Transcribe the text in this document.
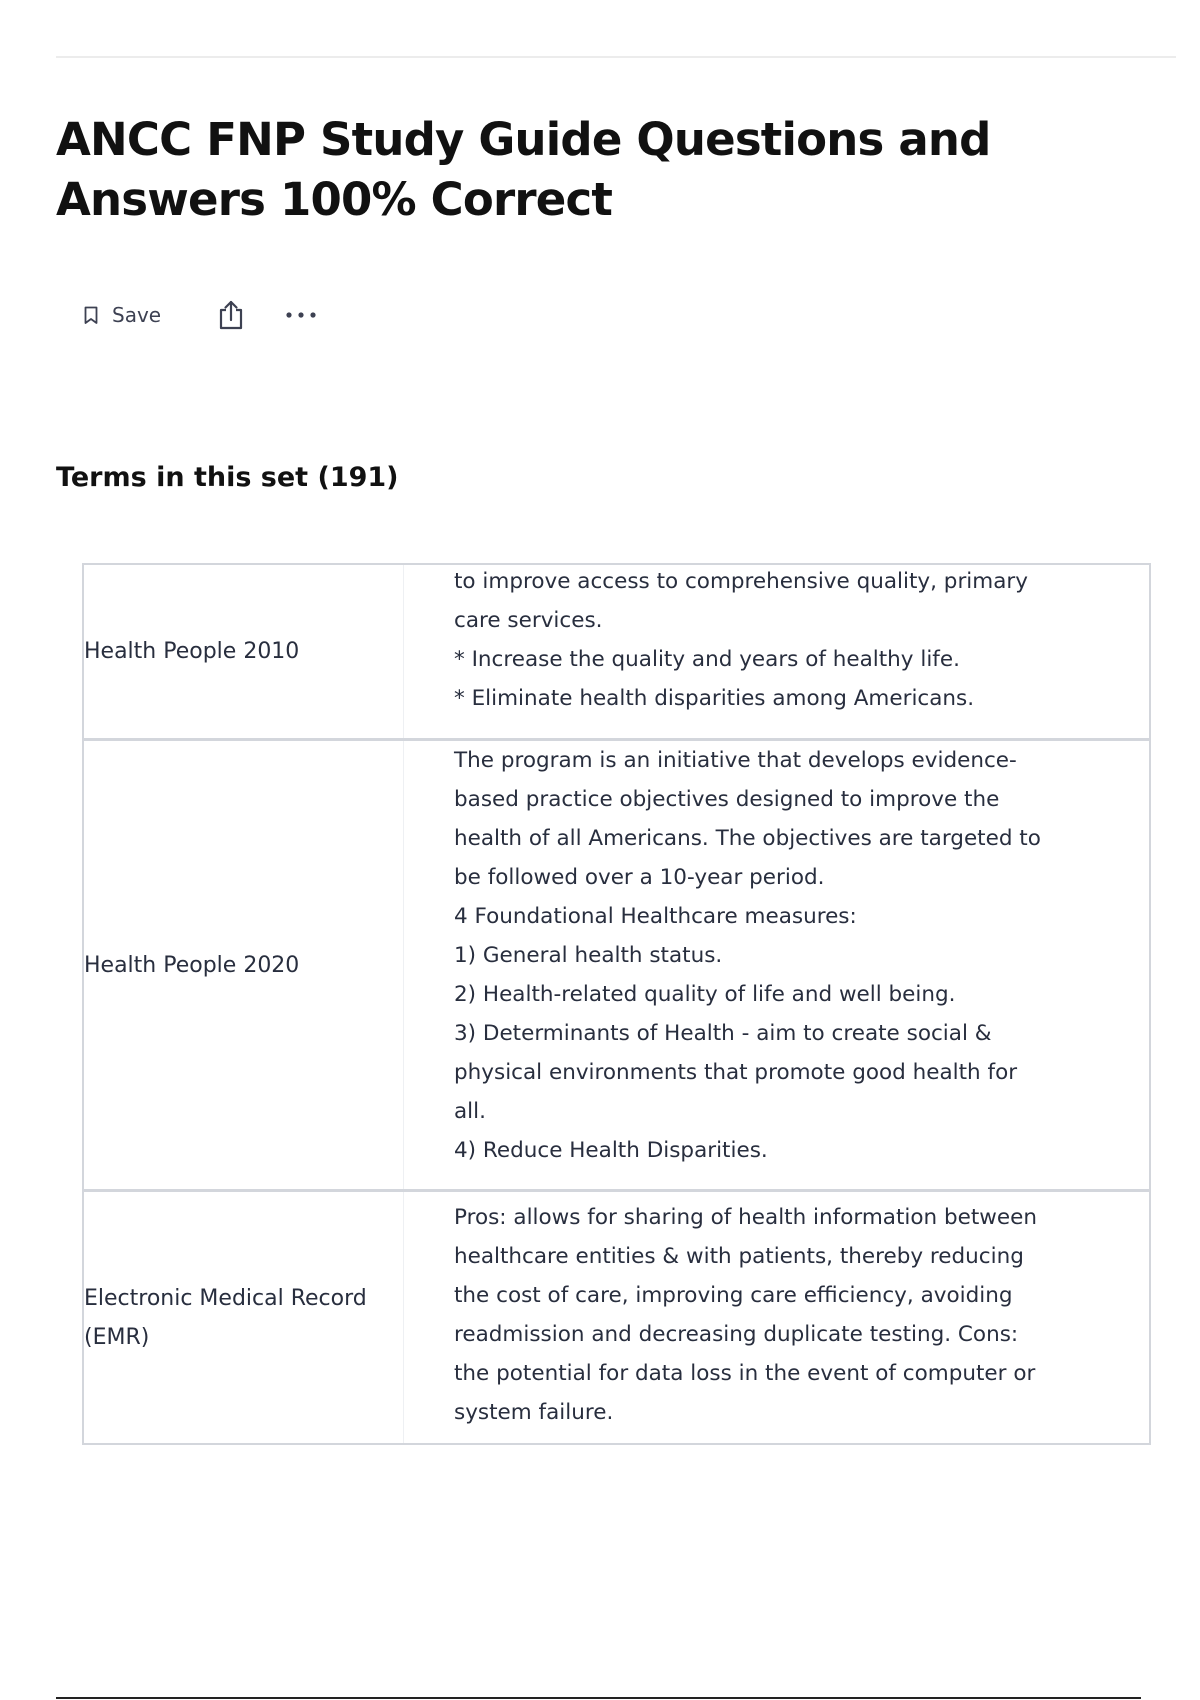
ANCC FNP Study Guide Questions and Answers 100% Correct
Save
Terms in this set (191)
Health People 2010
to improve access to comprehensive quality, primary
care services.
* Increase the quality and years of healthy life.
* Eliminate health disparities among Americans.
Health People 2020
The program is an initiative that develops evidence-
based practice objectives designed to improve the
health of all Americans. The objectives are targeted to
be followed over a 10-year period.
4 Foundational Healthcare measures:
1) General health status.
2) Health-related quality of life and well being.
3) Determinants of Health - aim to create social &
physical environments that promote good health for
all.
4) Reduce Health Disparities.
Electronic Medical Record
(EMR)
Pros: allows for sharing of health information between
healthcare entities & with patients, thereby reducing
the cost of care, improving care efficiency, avoiding
readmission and decreasing duplicate testing. Cons:
the potential for data loss in the event of computer or
system failure.
